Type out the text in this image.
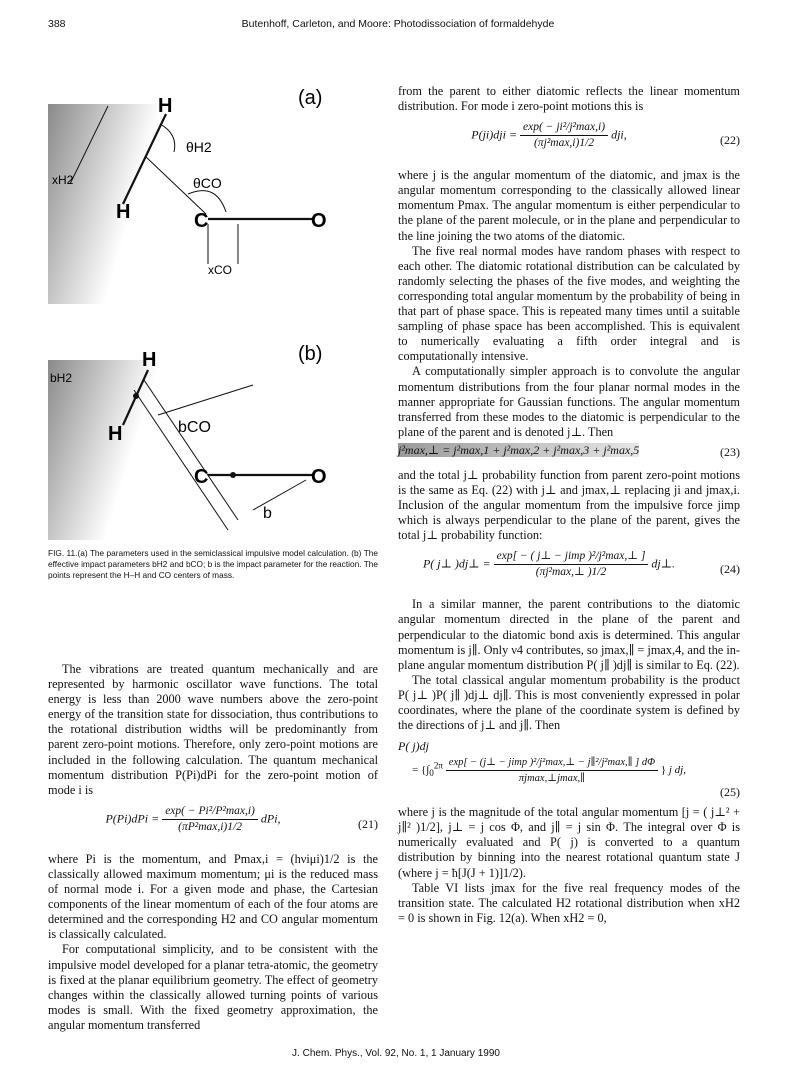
388	Butenhoff, Carleton, and Moore: Photodissociation of formaldehyde
H
H	C	O
xH2
θH2
θCO
xCO
(a)
H
H
C	O
bH2
bCO
b
(b)
FIG. 11.(a) The parameters used in the semiclassical impulsive model calculation. (b) The effective impact parameters bH2 and bCO; b is the impact parameter for the reaction. The points represent the H–H and CO centers of mass.

The vibrations are treated quantum mechanically and are represented by harmonic oscillator wave functions. The total energy is less than 2000 wave numbers above the zero-point energy of the transition state for dissociation, thus contributions to the rotational distribution widths will be predominantly from parent zero-point motions. Therefore, only zero-point motions are included in the following calculation. The quantum mechanical momentum distribution P(Pi)dPi for the zero-point motion of mode i is

$P(Pi)dPi = \frac{\text{exp( − Pi²/P²max,i)}}{\text{(πP²max,i)1/2}}$ dPi,	(21)

where Pi is the momentum, and Pmax,i = (hνiμi)1/2 is the classically allowed maximum momentum; μi is the reduced mass of normal mode i. For a given mode and phase, the Cartesian components of the linear momentum of each of the four atoms are determined and the corresponding H2 and CO angular momentum is classically calculated.

For computational simplicity, and to be consistent with the impulsive model developed for a planar tetra-atomic, the geometry is fixed at the planar equilibrium geometry. The effect of geometry changes within the classically allowed turning points of various modes is small. With the fixed geometry approximation, the angular momentum transferred

from the parent to either diatomic reflects the linear momentum distribution. For mode i zero-point motions this is

$P(ji)dji = \frac{\text{exp( − ji²/j²max,i)}}{\text{(πj²max,i)1/2}}$ dji,	(22)

where j is the angular momentum of the diatomic, and jmax is the angular momentum corresponding to the classically allowed linear momentum Pmax. The angular momentum is either perpendicular to the plane of the parent molecule, or in the plane and perpendicular to the line joining the two atoms of the diatomic.

The five real normal modes have random phases with respect to each other. The diatomic rotational distribution can be calculated by randomly selecting the phases of the five modes, and weighting the corresponding total angular momentum by the probability of being in that part of phase space. This is repeated many times until a suitable sampling of phase space has been accomplished. This is equivalent to numerically evaluating a fifth order integral and is computationally intensive.

A computationally simpler approach is to convolute the angular momentum distributions from the four planar normal modes in the manner appropriate for Gaussian functions. The angular momentum transferred from these modes to the diatomic is perpendicular to the plane of the parent and is denoted j⊥. Then

j²max,⊥ = j²max,1 + j²max,2 + j²max,3 + j²max,5	(23)

and the total j⊥ probability function from parent zero-point motions is the same as Eq. (22) with j⊥ and jmax,⊥ replacing ji and jmax,i. Inclusion of the angular momentum from the impulsive force jimp which is always perpendicular to the plane of the parent, gives the total j⊥ probability function:

P( j⊥ )dj⊥ = $\frac{\text{exp[ − ( j⊥ − jimp )²/j²max,⊥ ]}}{\text{(πj²max,⊥ )1/2}}$ dj⊥.	(24)

In a similar manner, the parent contributions to the diatomic angular momentum directed in the plane of the parent and perpendicular to the diatomic bond axis is determined. This angular momentum is j∥. Only ν4 contributes, so jmax,∥ = jmax,4, and the in-plane angular momentum distribution P( j∥ )dj∥ is similar to Eq. (22).

The total classical angular momentum probability is the product P( j⊥ )P( j∥ )dj⊥ dj∥. This is most conveniently expressed in polar coordinates, where the plane of the coordinate system is defined by the directions of j⊥ and j∥. Then

P( j)dj
= {$\int_0^{2\pi} \frac{\text{exp[ − (j⊥ − jimp )²/j²max,⊥ − j∥²/j²max,∥ ] dΦ}}{\pi jmax,\perp jmax,\parallel}$ } j dj,
(25)

where j is the magnitude of the total angular momentum [j = ( j⊥² + j∥² )1/2], j⊥ = j cos Φ, and j∥ = j sin Φ. The integral over Φ is numerically evaluated and P( j) is converted to a quantum distribution by binning into the nearest rotational quantum state J (where j = ħ[J(J + 1)]1/2).

Table VI lists jmax for the five real frequency modes of the transition state. The calculated H2 rotational distribution when xH2 = 0 is shown in Fig. 12(a). When xH2 = 0,

J. Chem. Phys., Vol. 92, No. 1, 1 January 1990
